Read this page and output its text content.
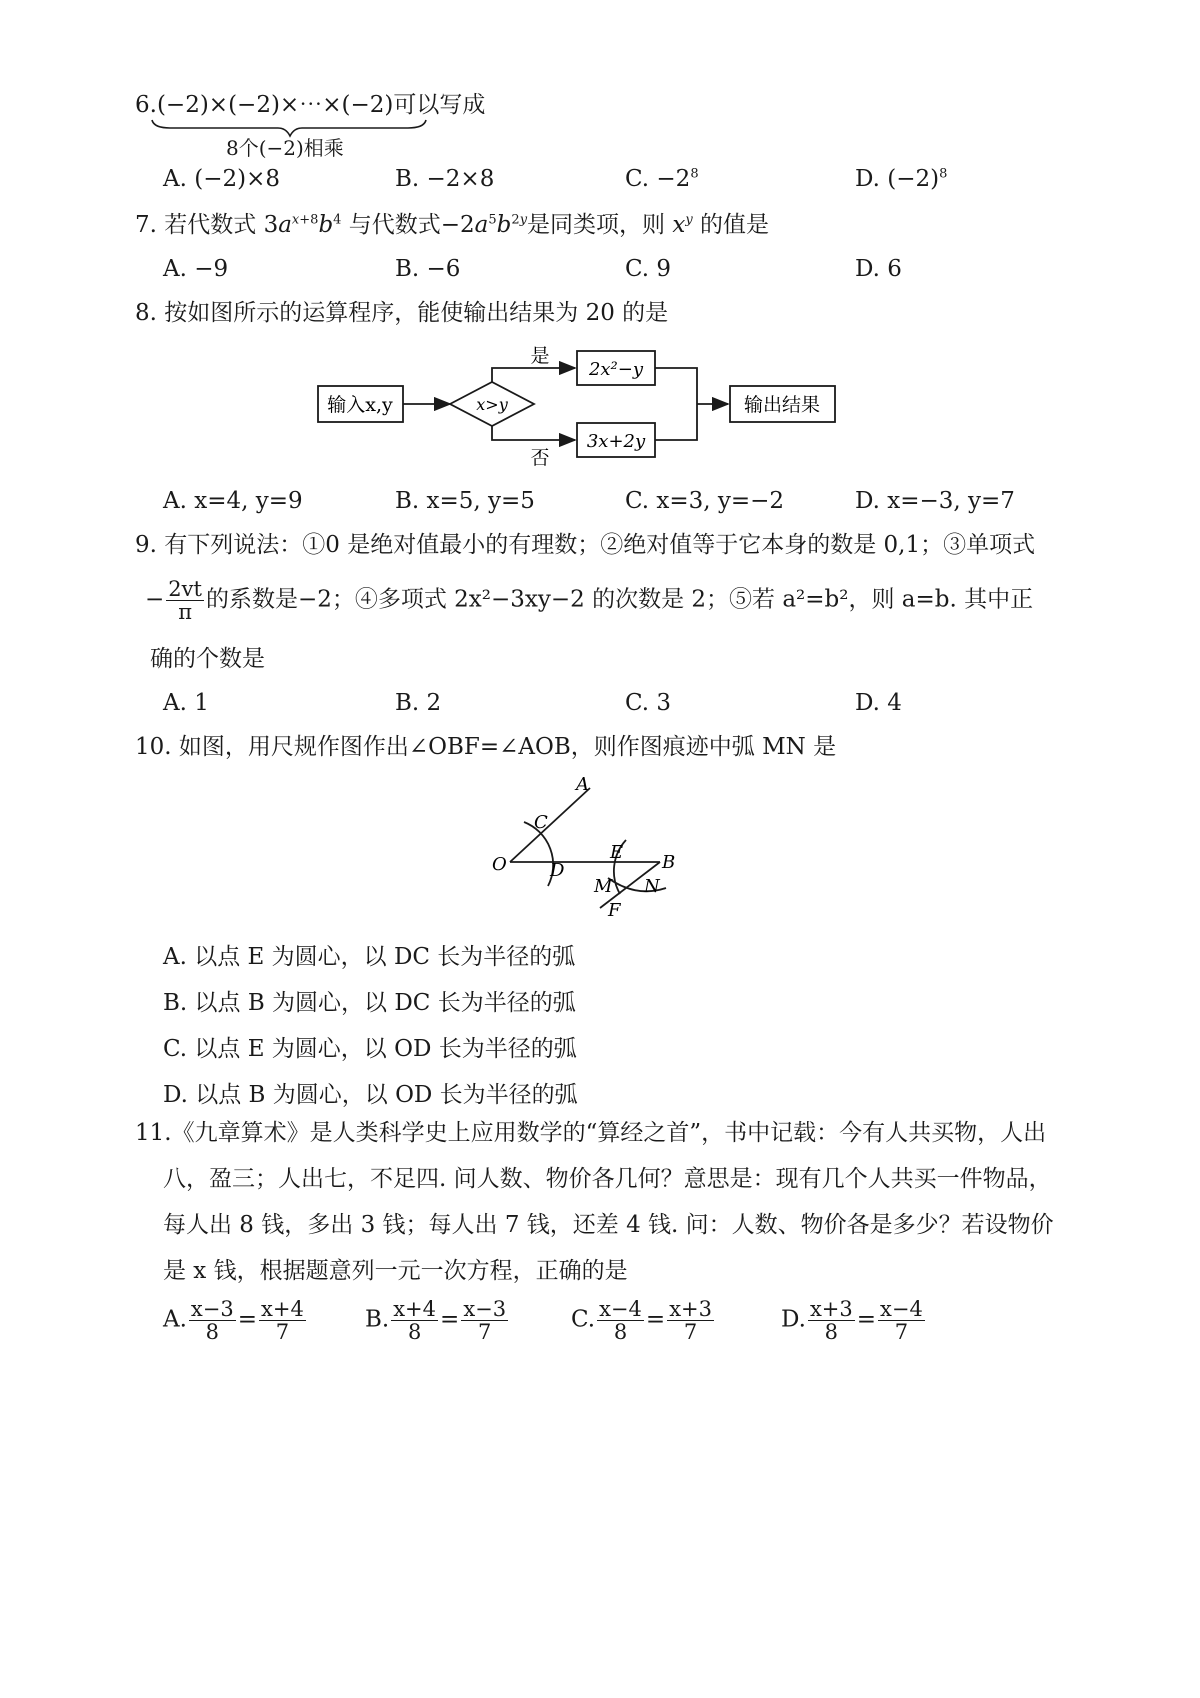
6.(−2)×(−2)×⋯×(−2)可以写成
8个(−2)相乘
A. (−2)×8	B. −2×8	C. $-2^8$	D. $(-2)^8$
7. 若代数式 $3a^{x+8}b^4$ 与代数式$-2a^5b^{2y}$是同类项，则 $x^y$ 的值是
A. −9	B. −6	C. 9	D. 6
8. 按如图所示的运算程序，能使输出结果为 20 的是
输入x,y	x>y
是
2x²−y
否
3x+2y
输出结果
A. x=4, y=9	B. x=5, y=5	C. x=3, y=−2	D. x=−3, y=7
9. 有下列说法：①0 是绝对值最小的有理数；②绝对值等于它本身的数是 0,1；③单项式
− $\frac{2vt}{\pi}$ 的系数是−2；④多项式 2x²−3xy−2 的次数是 2；⑤若 a²=b²，则 a=b. 其中正
确的个数是
A. 1	B. 2	C. 3	D. 4
10. 如图，用尺规作图作出∠OBF=∠AOB，则作图痕迹中弧 MN 是
A
C
O D
E B
M N
F
A. 以点 E 为圆心，以 DC 长为半径的弧
B. 以点 B 为圆心，以 DC 长为半径的弧
C. 以点 E 为圆心，以 OD 长为半径的弧
D. 以点 B 为圆心，以 OD 长为半径的弧
11.《九章算术》是人类科学史上应用数学的“算经之首”，书中记载：今有人共买物，人出
八，盈三；人出七，不足四. 问人数、物价各几何？意思是：现有几个人共买一件物品，
每人出 8 钱，多出 3 钱；每人出 7 钱，还差 4 钱. 问：人数、物价各是多少？若设物价
是 x 钱，根据题意列一元一次方程，正确的是
A. $\frac{x-3}{8} = \frac{x+4}{7}$	B. $\frac{x+4}{8} = \frac{x-3}{7}$	C. $\frac{x-4}{8} = \frac{x+3}{7}$	D. $\frac{x+3}{8} = \frac{x-4}{7}$
